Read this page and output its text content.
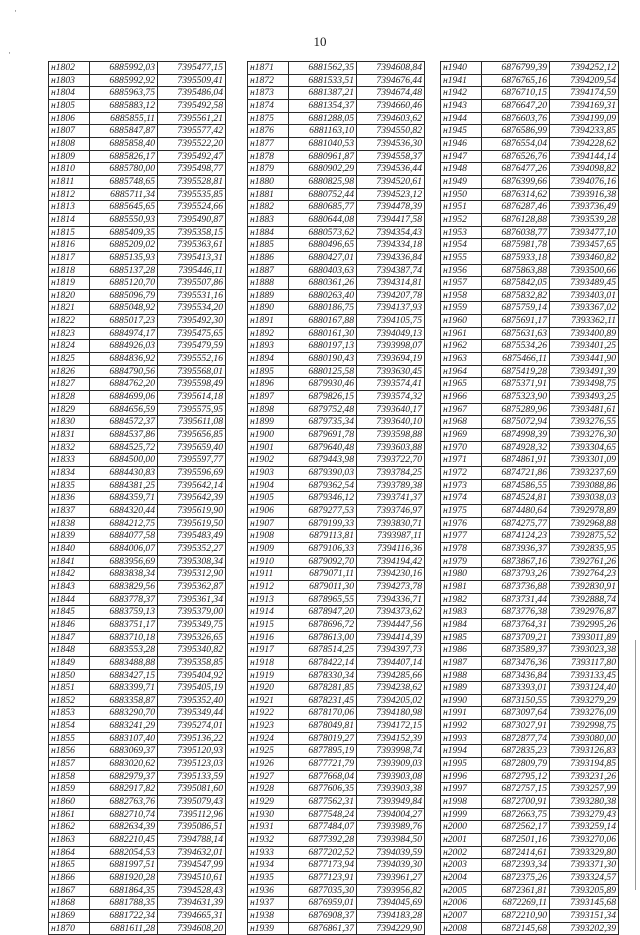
10
·
·
н1802	6885992,03	7395477,15
н1803	6885992,92	7395509,41
н1804	6885963,75	7395486,04
н1805	6885883,12	7395492,58
н1806	6885855,11	7395561,21
н1807	6885847,87	7395577,42
н1808	6885858,40	7395522,20
н1809	6885826,17	7395492,47
н1810	6885780,00	7395498,77
н1811	6885748,65	7395528,81
н1812	6885711,34	7395535,85
н1813	6885645,65	7395524,66
н1814	6885550,93	7395490,87
н1815	6885409,35	7395358,15
н1816	6885209,02	7395363,61
н1817	6885135,93	7395413,31
н1818	6885137,28	7395446,11
н1819	6885120,70	7395507,86
н1820	6885096,79	7395531,16
н1821	6885048,92	7395534,20
н1822	6885017,23	7395492,30
н1823	6884974,17	7395475,65
н1824	6884926,03	7395479,59
н1825	6884836,92	7395552,16
н1826	6884790,56	7395568,01
н1827	6884762,20	7395598,49
н1828	6884699,06	7395614,18
н1829	6884656,59	7395575,95
н1830	6884572,37	7395611,08
н1831	6884537,86	7395656,85
н1832	6884525,72	7395659,40
н1833	6884500,00	7395597,77
н1834	6884430,83	7395596,69
н1835	6884381,25	7395642,14
н1836	6884359,71	7395642,39
н1837	6884320,44	7395619,90
н1838	6884212,75	7395619,50
н1839	6884077,58	7395483,49
н1840	6884006,07	7395352,27
н1841	6883956,69	7395308,34
н1842	6883838,34	7395312,90
н1843	6883829,56	7395362,87
н1844	6883778,37	7395361,34
н1845	6883759,13	7395379,00
н1846	6883751,17	7395349,75
н1847	6883710,18	7395326,65
н1848	6883553,28	7395340,82
н1849	6883488,88	7395358,85
н1850	6883427,15	7395404,92
н1851	6883399,71	7395405,19
н1852	6883358,87	7395352,40
н1853	6883290,70	7395349,44
н1854	6883241,29	7395274,01
н1855	6883107,40	7395136,22
н1856	6883069,37	7395120,93
н1857	6883020,62	7395123,03
н1858	6882979,37	7395133,59
н1859	6882917,82	7395081,60
н1860	6882763,76	7395079,43
н1861	6882710,74	7395112,96
н1862	6882634,39	7395086,51
н1863	6882210,45	7394788,14
н1864	6882054,53	7394632,01
н1865	6881997,51	7394547,99
н1866	6881920,28	7394510,61
н1867	6881864,35	7394528,43
н1868	6881788,35	7394631,39
н1869	6881722,34	7394665,31
н1870	6881611,28	7394608,20
н1871	6881562,35	7394608,84
н1872	6881533,51	7394676,44
н1873	6881387,21	7394674,48
н1874	6881354,37	7394660,46
н1875	6881288,05	7394603,62
н1876	6881163,10	7394550,82
н1877	6881040,53	7394536,30
н1878	6880961,87	7394558,37
н1879	6880902,29	7394536,44
н1880	6880825,98	7394520,61
н1881	6880752,44	7394523,12
н1882	6880685,77	7394478,39
н1883	6880644,08	7394417,58
н1884	6880573,62	7394354,43
н1885	6880496,65	7394334,18
н1886	6880427,01	7394336,84
н1887	6880403,63	7394387,74
н1888	6880361,26	7394314,81
н1889	6880263,40	7394207,78
н1890	6880186,75	7394137,93
н1891	6880167,88	7394105,75
н1892	6880161,30	7394049,13
н1893	6880197,13	7393998,07
н1894	6880190,43	7393694,19
н1895	6880125,58	7393630,45
н1896	6879930,46	7393574,41
н1897	6879826,15	7393574,32
н1898	6879752,48	7393640,17
н1899	6879735,34	7393640,10
н1900	6879691,78	7393598,88
н1901	6879640,48	7393603,88
н1902	6879443,98	7393722,70
н1903	6879390,03	7393784,25
н1904	6879362,54	7393789,38
н1905	6879346,12	7393741,37
н1906	6879277,53	7393746,97
н1907	6879199,33	7393830,71
н1908	6879113,81	7393987,11
н1909	6879106,33	7394116,36
н1910	6879092,70	7394194,42
н1911	6879071,11	7394230,16
н1912	6879011,30	7394273,78
н1913	6878965,55	7394336,71
н1914	6878947,20	7394373,62
н1915	6878696,72	7394447,56
н1916	6878613,00	7394414,39
н1917	6878514,25	7394397,73
н1918	6878422,14	7394407,14
н1919	6878330,34	7394285,66
н1920	6878281,85	7394238,62
н1921	6878231,45	7394205,02
н1922	6878170,06	7394180,98
н1923	6878049,81	7394172,15
н1924	6878019,27	7394152,39
н1925	6877895,19	7393998,74
н1926	6877721,79	7393909,03
н1927	6877668,04	7393903,08
н1928	6877606,35	7393903,38
н1929	6877562,31	7393949,84
н1930	6877548,24	7394004,27
н1931	6877484,07	7393989,76
н1932	6877392,28	7393984,50
н1933	6877202,52	7394039,59
н1934	6877173,94	7394039,30
н1935	6877123,91	7393961,27
н1936	6877035,30	7393956,82
н1937	6876959,01	7394045,69
н1938	6876908,37	7394183,28
н1939	6876861,37	7394229,90
н1940	6876799,39	7394252,12
н1941	6876765,16	7394209,54
н1942	6876710,15	7394174,59
н1943	6876647,20	7394169,31
н1944	6876603,76	7394199,09
н1945	6876586,99	7394233,85
н1946	6876554,04	7394228,62
н1947	6876526,76	7394144,14
н1948	6876477,26	7394098,82
н1949	6876399,66	7394076,16
н1950	6876314,62	7393916,38
н1951	6876287,46	7393736,49
н1952	6876128,88	7393539,28
н1953	6876038,77	7393477,10
н1954	6875981,78	7393457,65
н1955	6875933,18	7393460,82
н1956	6875863,88	7393500,66
н1957	6875842,05	7393489,45
н1958	6875832,82	7393403,01
н1959	6875759,14	7393367,02
н1960	6875691,17	7393362,11
н1961	6875631,63	7393400,89
н1962	6875534,26	7393401,25
н1963	6875466,11	7393441,90
н1964	6875419,28	7393491,39
н1965	6875371,91	7393498,75
н1966	6875323,90	7393493,25
н1967	6875289,96	7393481,61
н1968	6875072,94	7393276,55
н1969	6874998,39	7393276,30
н1970	6874928,32	7393304,65
н1971	6874861,91	7393301,09
н1972	6874721,86	7393237,69
н1973	6874586,55	7393088,86
н1974	6874524,81	7393038,03
н1975	6874480,64	7392978,89
н1976	6874275,77	7392968,88
н1977	6874124,23	7392875,52
н1978	6873936,37	7392835,95
н1979	6873867,16	7392761,26
н1980	6873793,26	7392764,23
н1981	6873736,88	7392830,91
н1982	6873731,44	7392888,74
н1983	6873776,38	7392976,87
н1984	6873764,31	7392995,26
н1985	6873709,21	7393011,89
н1986	6873589,37	7393023,38
н1987	6873476,36	7393117,80
н1988	6873436,84	7393133,45
н1989	6873393,01	7393124,40
н1990	6873150,55	7393279,29
н1991	6873097,64	7393276,09
н1992	6873027,91	7392998,75
н1993	6872877,74	7393080,00
н1994	6872835,23	7393126,83
н1995	6872809,79	7393194,85
н1996	6872795,12	7393231,26
н1997	6872757,15	7393257,99
н1998	6872700,91	7393280,38
н1999	6872663,75	7393279,43
н2000	6872562,17	7393259,14
н2001	6872501,16	7393270,06
н2002	6872414,61	7393329,80
н2003	6872393,34	7393371,30
н2004	6872375,26	7393324,57
н2005	6872361,81	7393205,89
н2006	6872269,11	7393145,68
н2007	6872210,90	7393151,34
н2008	6872145,68	7393202,39
